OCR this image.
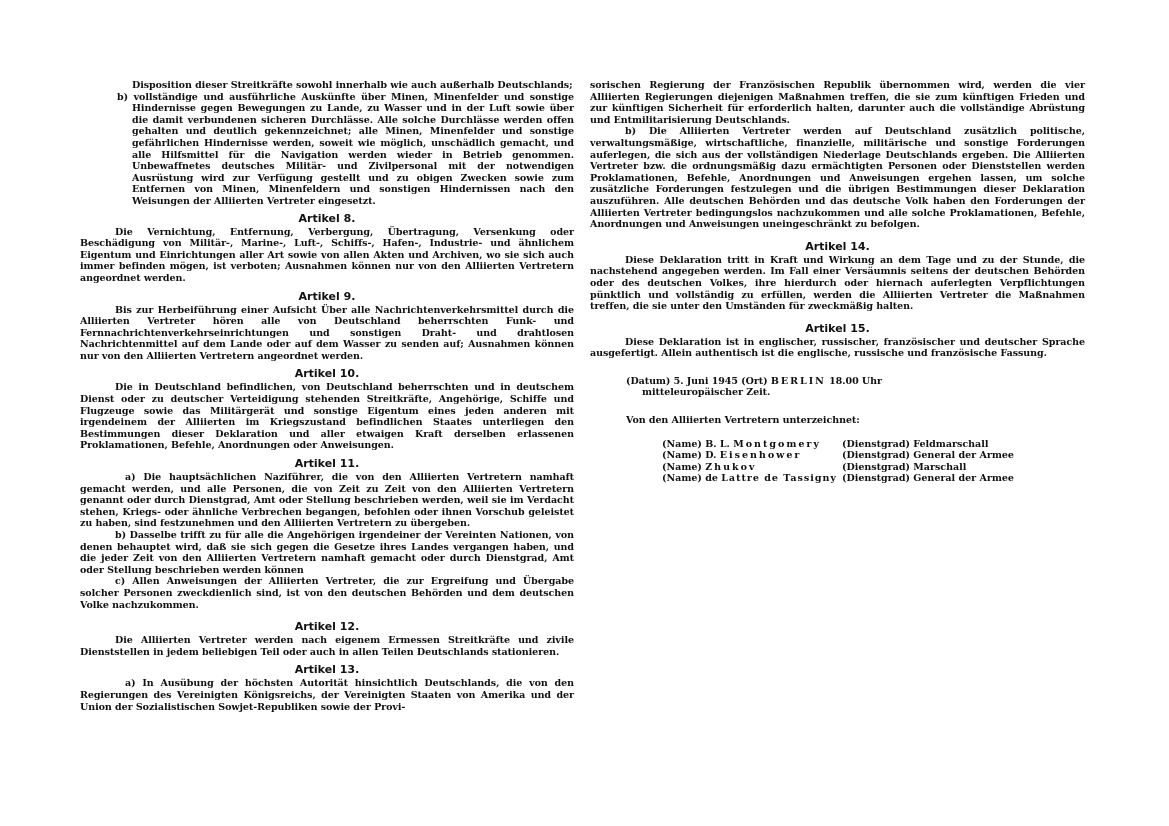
Disposition dieser Streitkräfte sowohl innerhalb wie auch außerhalb Deutschlands;

b) vollständige und ausführliche Auskünfte über Minen, Minenfelder und sonstige Hindernisse gegen Bewegungen zu Lande, zu Wasser und in der Luft sowie über die damit verbundenen sicheren Durchlässe. Alle solche Durchlässe werden offen gehalten und deutlich gekennzeichnet; alle Minen, Minenfelder und sonstige gefährlichen Hindernisse werden, soweit wie möglich, unschädlich gemacht, und alle Hilfsmittel für die Navigation werden wieder in Betrieb genommen. Unbewaffnetes deutsches Militär- und Zivilpersonal mit der notwendigen Ausrüstung wird zur Verfügung gestellt und zu obigen Zwecken sowie zum Entfernen von Minen, Minenfeldern und sonstigen Hindernissen nach den Weisungen der Alliierten Vertreter eingesetzt.

Artikel 8.

Die Vernichtung, Entfernung, Verbergung, Übertragung, Versenkung oder Beschädigung von Militär-, Marine-, Luft-, Schiffs-, Hafen-, Industrie- und ähnlichem Eigentum und Einrichtungen aller Art sowie von allen Akten und Archiven, wo sie sich auch immer befinden mögen, ist verboten; Ausnahmen können nur von den Alliierten Vertretern angeordnet werden.

Artikel 9.

Bis zur Herbeiführung einer Aufsicht Über alle Nachrichtenverkehrsmittel durch die Alliierten Vertreter hören alle von Deutschland beherrschten Funk- und Fernnachrichtenverkehrseinrichtungen und sonstigen Draht- und drahtlosen Nachrichtenmittel auf dem Lande oder auf dem Wasser zu senden auf; Ausnahmen können nur von den Alliierten Vertretern angeordnet werden.

Artikel 10.

Die in Deutschland befindlichen, von Deutschland beherrschten und in deutschem Dienst oder zu deutscher Verteidigung stehenden Streitkräfte, Angehörige, Schiffe und Flugzeuge sowie das Militärgerät und sonstige Eigentum eines jeden anderen mit irgendeinem der Alliierten im Kriegszustand befindlichen Staates unterliegen den Bestimmungen dieser Deklaration und aller etwaigen Kraft derselben erlassenen Proklamationen, Befehle, Anordnungen oder Anweisungen.

Artikel 11.

a) Die hauptsächlichen Naziführer, die von den Alliierten Vertretern namhaft gemacht werden, und alle Personen, die von Zeit zu Zeit von den Alliierten Vertretern genannt oder durch Dienstgrad, Amt oder Stellung beschrieben werden, weil sie im Verdacht stehen, Kriegs- oder ähnliche Verbrechen begangen, befohlen oder ihnen Vorschub geleistet zu haben, sind festzunehmen und den Alliierten Vertretern zu übergeben.

b) Dasselbe trifft zu für alle die Angehörigen irgendeiner der Vereinten Nationen, von denen behauptet wird, daß sie sich gegen die Gesetze ihres Landes vergangen haben, und die jeder Zeit von den Alliierten Vertretern namhaft gemacht oder durch Dienstgrad, Amt oder Stellung beschrieben werden können

c) Allen Anweisungen der Alliierten Vertreter, die zur Ergreifung und Übergabe solcher Personen zweckdienlich sind, ist von den deutschen Behörden und dem deutschen Volke nachzukommen.

Artikel 12.

Die Alliierten Vertreter werden nach eigenem Ermessen Streitkräfte und zivile Dienststellen in jedem beliebigen Teil oder auch in allen Teilen Deutschlands stationieren.

Artikel 13.

a) In Ausübung der höchsten Autorität hinsichtlich Deutschlands, die von den Regierungen des Vereinigten Königsreichs, der Vereinigten Staaten von Amerika und der Union der Sozialistischen Sowjet-Republiken sowie der Provi-

sorischen Regierung der Französischen Republik übernommen wird, werden die vier Alliierten Regierungen diejenigen Maßnahmen treffen, die sie zum künftigen Frieden und zur künftigen Sicherheit für erforderlich halten, darunter auch die vollständige Abrüstung und Entmilitarisierung Deutschlands.

b) Die Alliierten Vertreter werden auf Deutschland zusätzlich politische, verwaltungsmäßige, wirtschaftliche, finanzielle, militärische und sonstige Forderungen auferlegen, die sich aus der vollständigen Niederlage Deutschlands ergeben. Die Alliierten Vertreter bzw. die ordnungsmäßig dazu ermächtigten Personen oder Dienststellen werden Proklamationen, Befehle, Anordnungen und Anweisungen ergehen lassen, um solche zusätzliche Forderungen festzulegen und die übrigen Bestimmungen dieser Deklaration auszuführen. Alle deutschen Behörden und das deutsche Volk haben den Forderungen der Alliierten Vertreter bedingungslos nachzukommen und alle solche Proklamationen, Befehle, Anordnungen und Anweisungen uneingeschränkt zu befolgen.

Artikel 14.

Diese Deklaration tritt in Kraft und Wirkung an dem Tage und zu der Stunde, die nachstehend angegeben werden. Im Fall einer Versäumnis seitens der deutschen Behörden oder des deutschen Volkes, ihre hierdurch oder hiernach auferlegten Verpflichtungen pünktlich und vollständig zu erfüllen, werden die Alliierten Vertreter die Maßnahmen treffen, die sie unter den Umständen für zweckmäßig halten.

Artikel 15.

Diese Deklaration ist in englischer, russischer, französischer und deutscher Sprache ausgefertigt. Allein authentisch ist die englische, russische und französische Fassung.

(Datum) 5. Juni 1945 (Ort) BERLIN 18.00 Uhr

mitteleuropäischer Zeit.

Von den Alliierten Vertretern unterzeichnet:

(Name) B. L. Montgomery	(Dienstgrad) Feldmarschall
(Name) D. Eisenhower	(Dienstgrad) General der Armee
(Name) Zhukov	(Dienstgrad) Marschall
(Name) de Lattre de Tassigny (Dienstgrad) General der Armee
